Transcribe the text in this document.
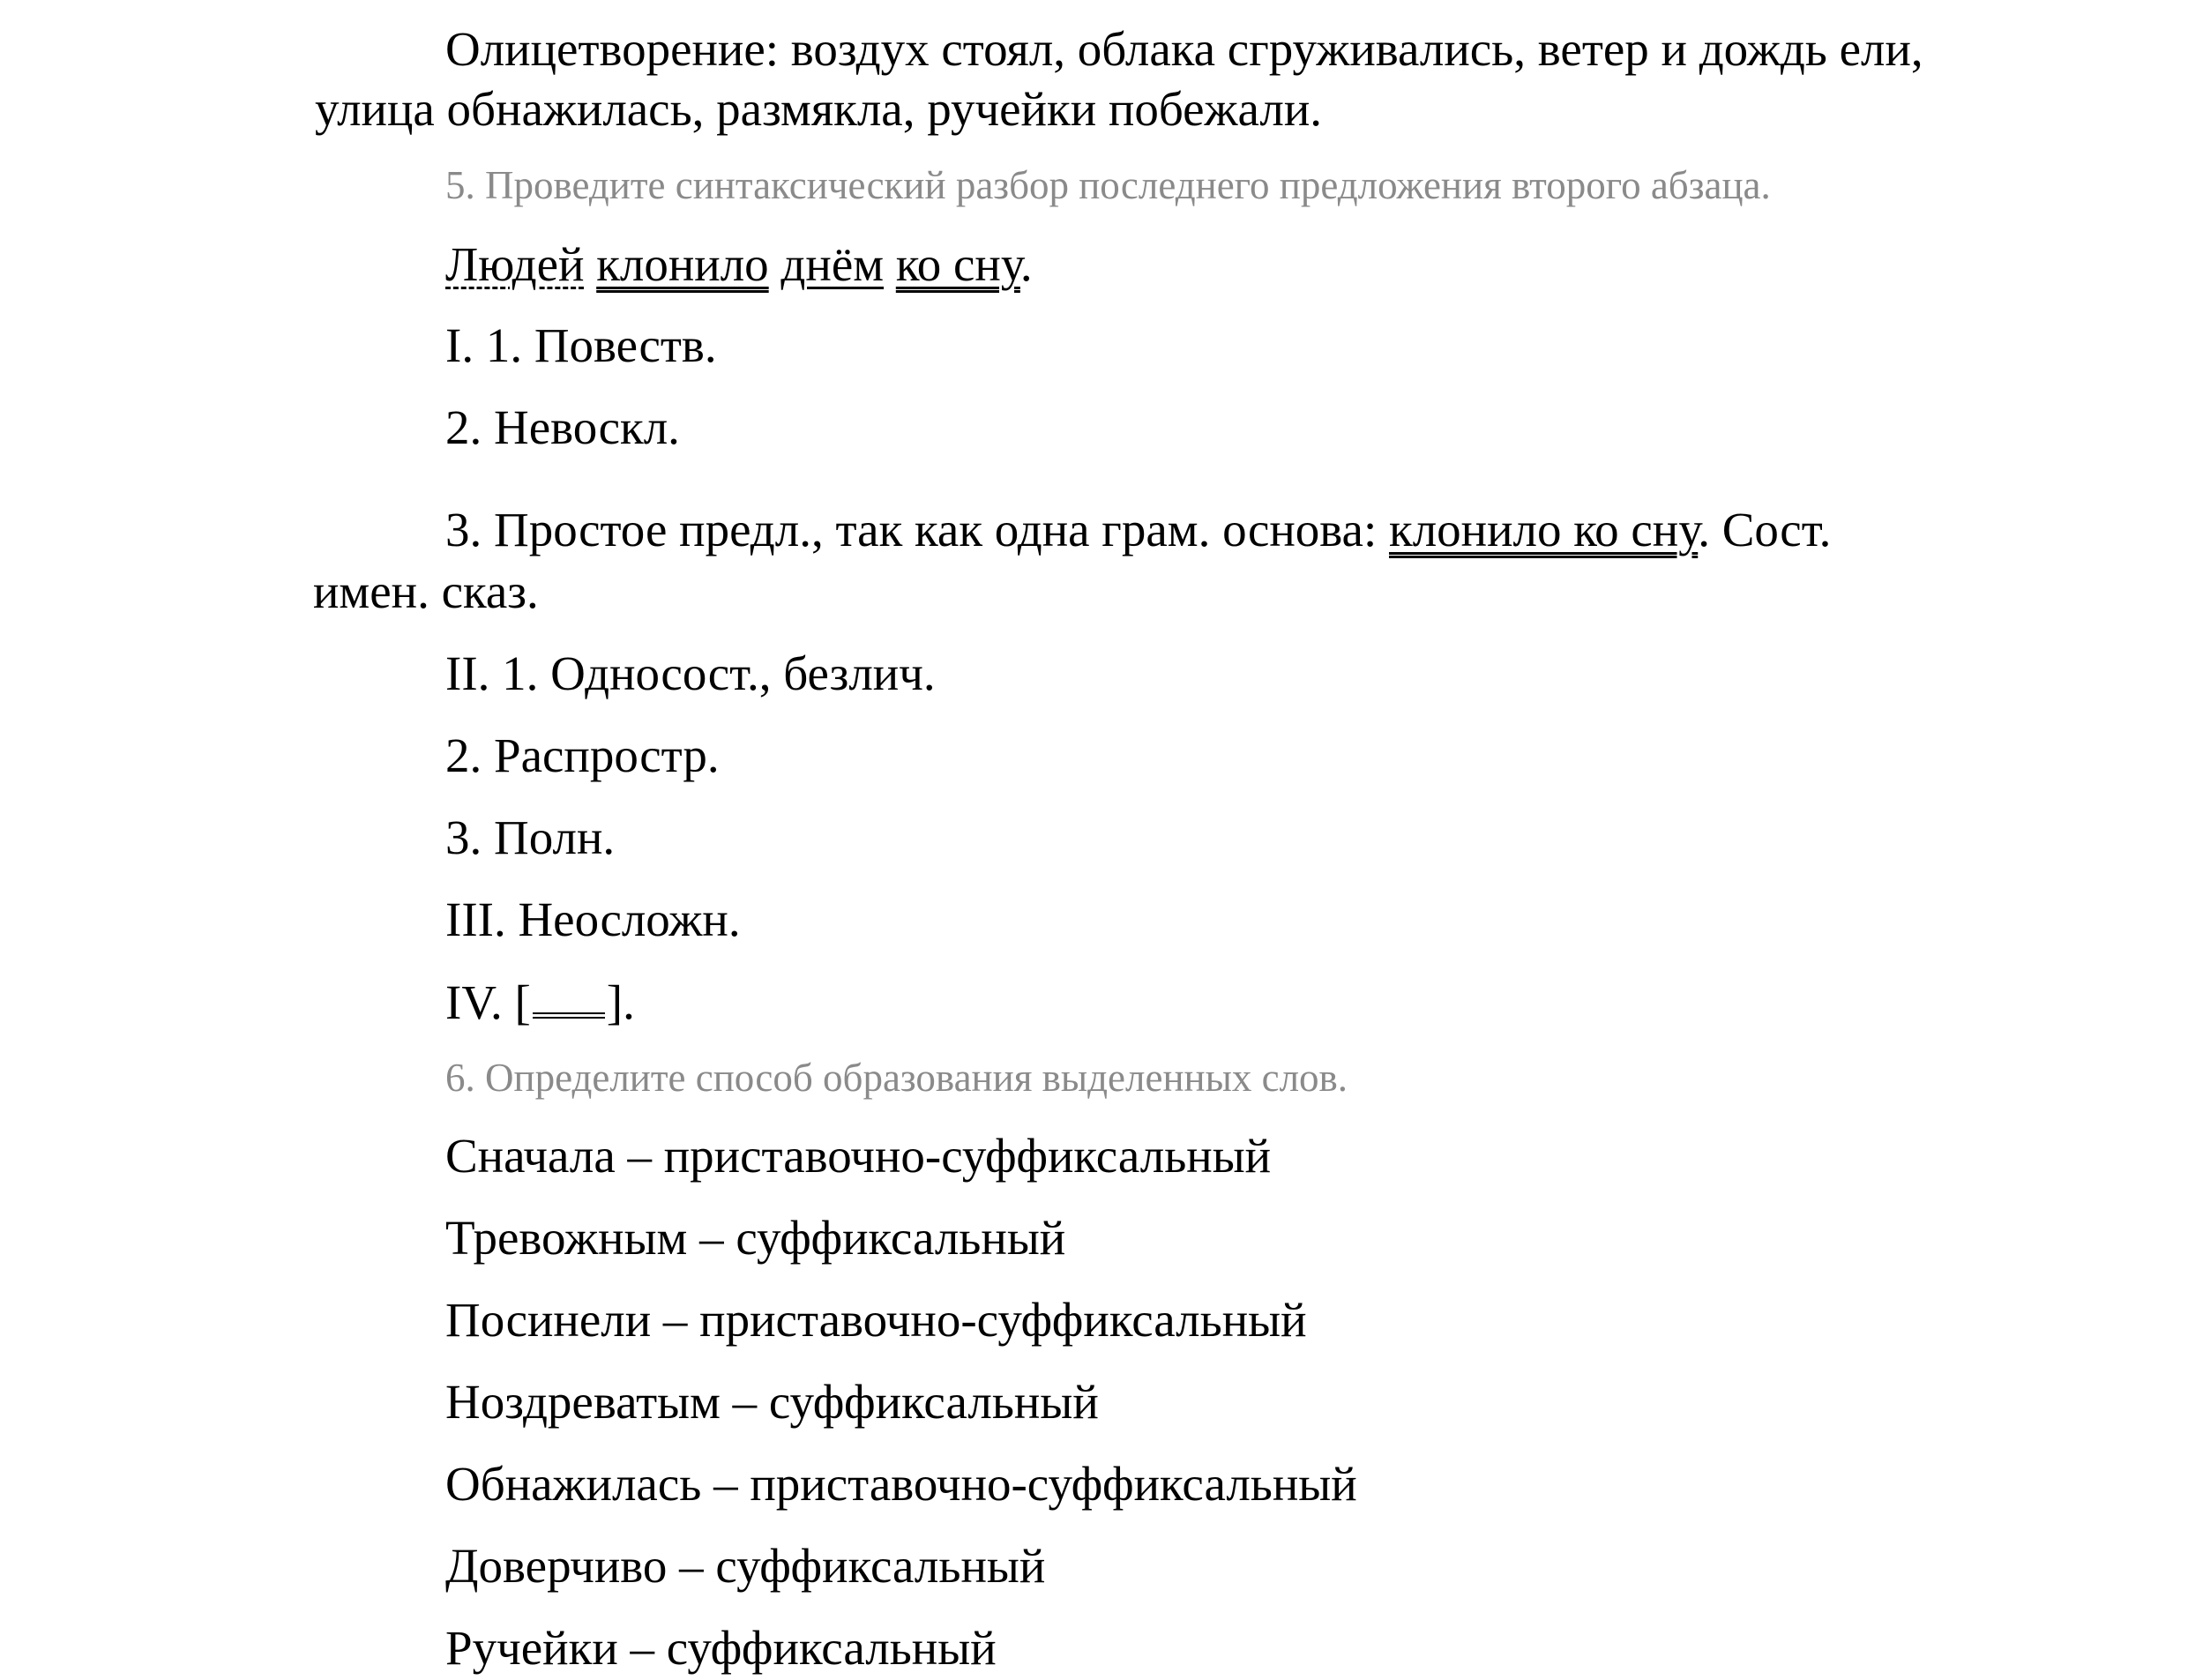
Олицетворение: воздух стоял, облака сгруживались, ветер и дождь ели,
улица обнажилась, размякла, ручейки побежали.
5. Проведите синтаксический разбор последнего предложения второго абзаца.
Людей клонило днём ко сну.
I. 1. Повеств.
2. Невоскл.
3. Простое предл., так как одна грам. основа: клонило ко сну. Сост.
имен. сказ.
II. 1. Односост., безлич.
2. Распростр.
3. Полн.
III. Неосложн.
IV. [ ].
6. Определите способ образования выделенных слов.
Сначала – приставочно-суффиксальный
Тревожным – суффиксальный
Посинели – приставочно-суффиксальный
Ноздреватым – суффиксальный
Обнажилась – приставочно-суффиксальный
Доверчиво – суффиксальный
Ручейки – суффиксальный
